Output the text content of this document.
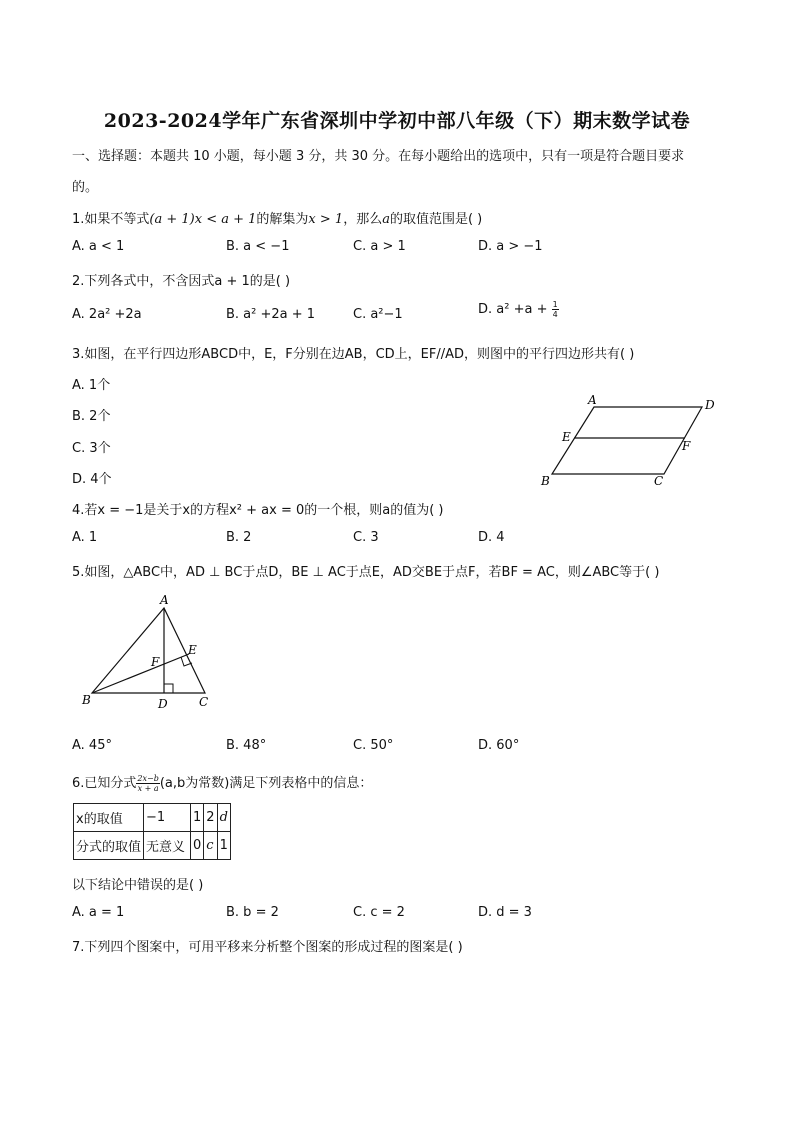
2023-2024学年广东省深圳中学初中部八年级（下）期末数学试卷
一、选择题：本题共 10 小题，每小题 3 分，共 30 分。在每小题给出的选项中，只有一项是符合题目要求
的。
1.如果不等式(a + 1)x < a + 1的解集为x > 1，那么a的取值范围是( )
A. a < 1	B. a < −1	C. a > 1	D. a > −1
2.下列各式中，不含因式a + 1的是( )
A. 2a² +2a	B. a² +2a + 1	C. a²−1	D. $a^2 +a + \frac{1}{4}$
3.如图，在平行四边形ABCD中，E，F分别在边AB，CD上，EF//AD，则图中的平行四边形共有( )
A. 1个
B. 2个
C. 3个
D. 4个
A	D
E
F
B	C
4.若x = −1是关于x的方程x² + ax = 0的一个根，则a的值为( )
A. 1	B. 2	C. 3	D. 4
5.如图，△ABC中，AD ⊥ BC于点D，BE ⊥ AC于点E，AD交BE于点F，若BF = AC，则∠ABC等于( )
A
E
F
B	D	C
A. 45°	B. 48°	C. 50°	D. 60°
6.已知分式 $\frac{2x-b}{x + a} (a,b$为常数)满足下列表格中的信息：
x的取值	−1	1	2	d
分式的取值	无意义	0	c	1
以下结论中错误的是( )
A. a = 1	B. b = 2	C. c = 2	D. d = 3
7.下列四个图案中，可用平移来分析整个图案的形成过程的图案是( )
